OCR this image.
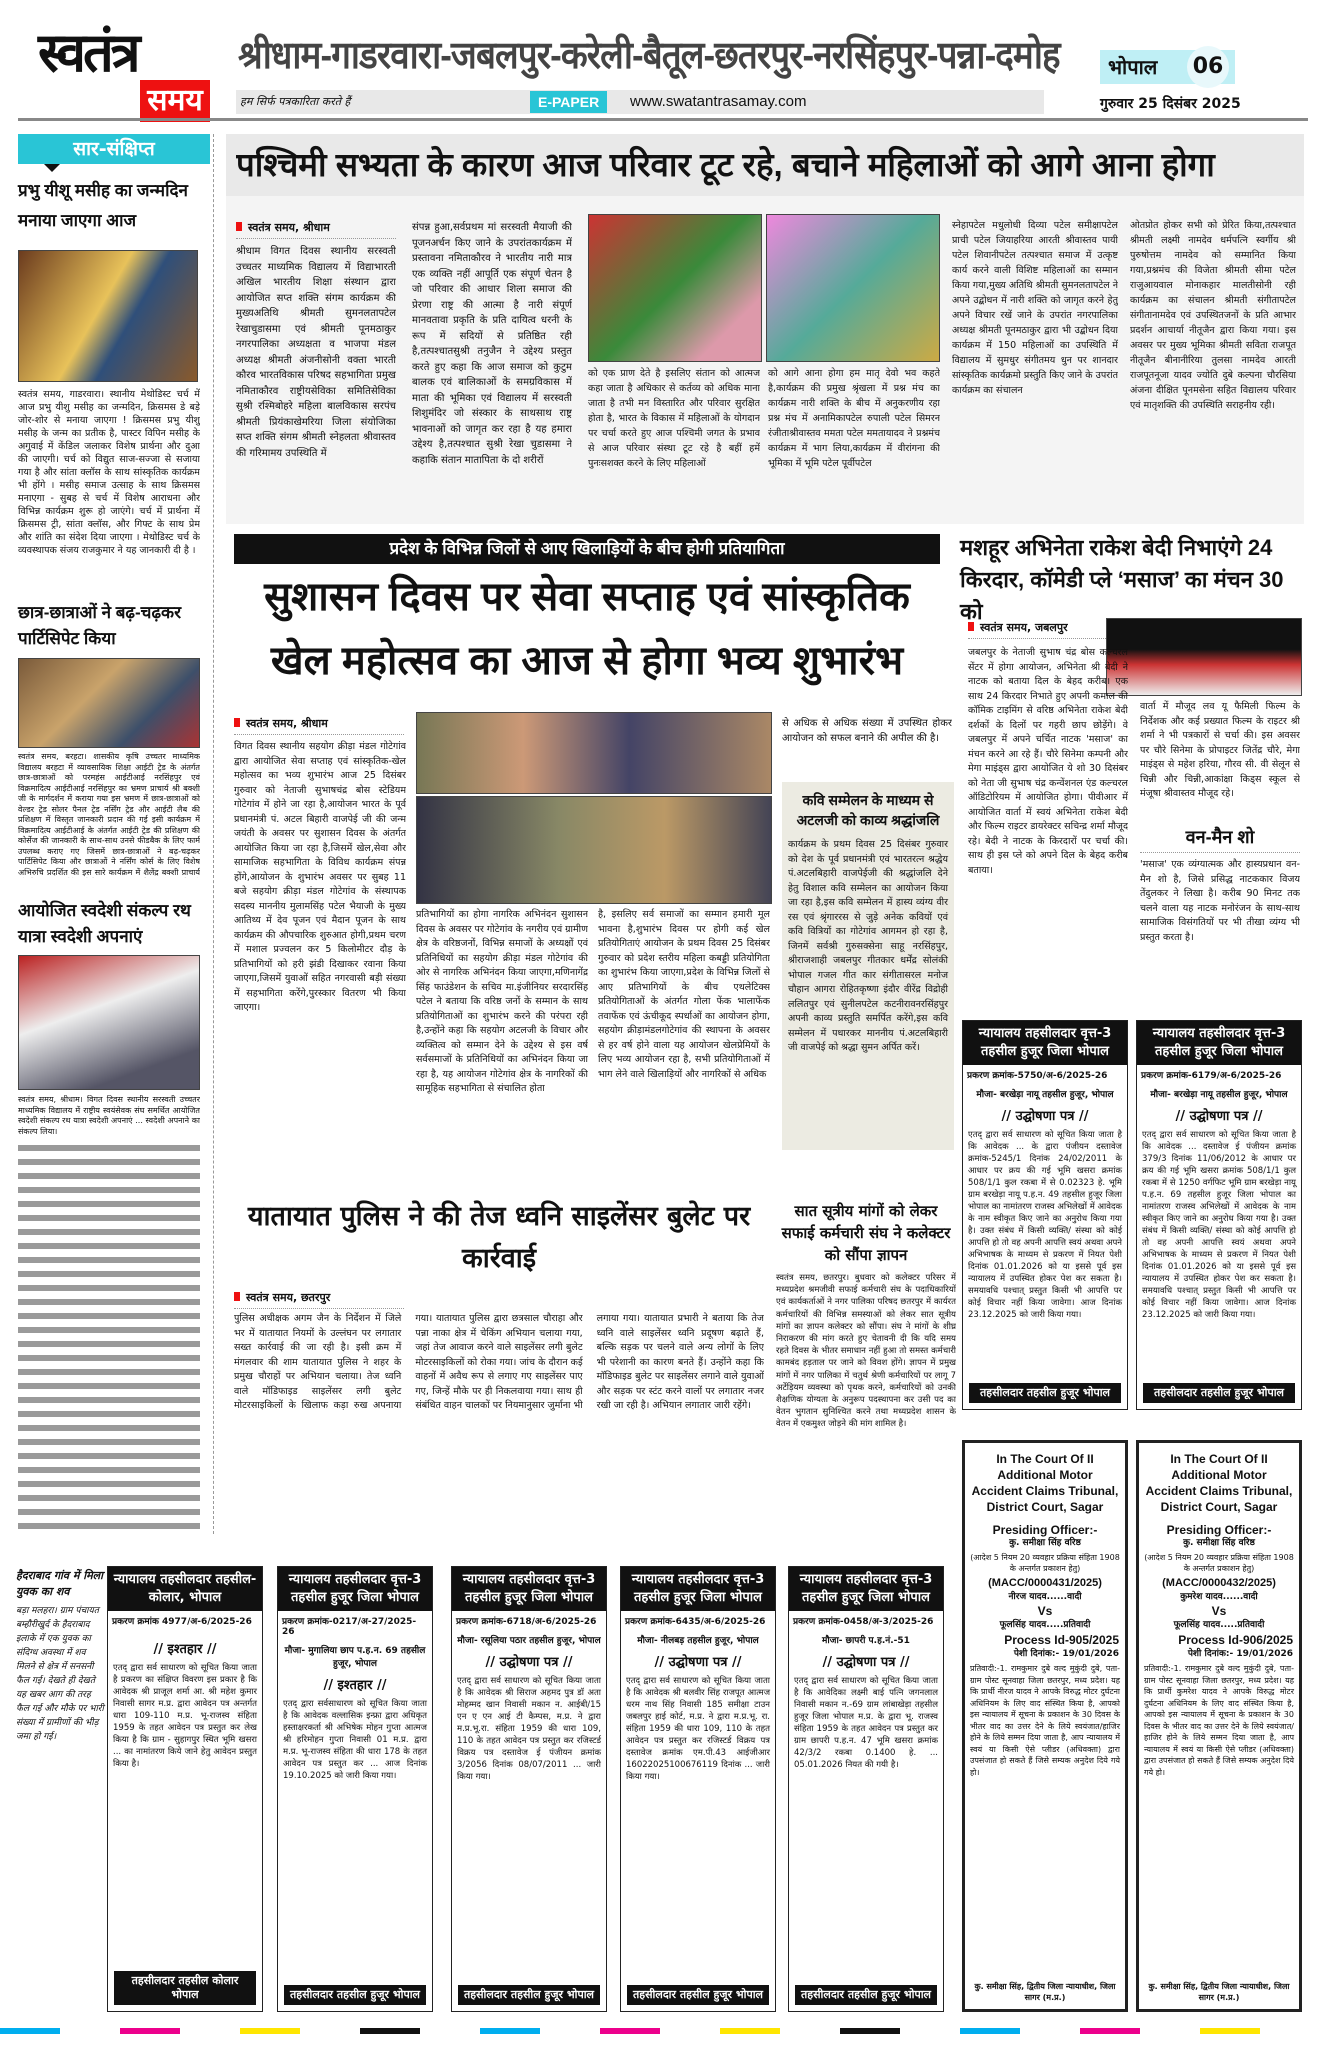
स्वतंत्र
समय
श्रीधाम-गाडरवारा-जबलपुर-करेली-बैतूल-छतरपुर-नरसिंहपुर-पन्ना-दमोह	भोपाल 06
हम सिर्फ पत्रकारिता करते हैं	E-PAPER	www.swatantrasamay.com	गुरुवार 25 दिसंबर 2025
सार-संक्षिप्त
प्रभु यीशू मसीह का जन्मदिन मनाया जाएगा आज
स्वतंत्र समय, गाडरवारा। स्थानीय मेथोडिस्ट चर्च में आज प्रभु यीशु मसीह का जन्मदिन, क्रिसमस डे बड़े जोर-शोर से मनाया जाएगा ! क्रिसमस प्रभु यीशु मसीह के जन्म का प्रतीक है, पास्टर विपिन मसीह के अगुवाई में केंडिल जलाकर विशेष प्रार्थना और दुआ की जाएगी। चर्च को विद्युत साज-सज्जा से सजाया गया है और सांता क्लॉस के साथ सांस्कृतिक कार्यक्रम भी होंगे । मसीह समाज उत्साह के साथ क्रिसमस मनाएगा - सुबह से चर्च में विशेष आराधना और विभिन्न कार्यक्रम शुरू हो जाएंगे। चर्च में प्रार्थना में क्रिसमस ट्री, सांता क्लॉस, और गिफ्ट के साथ प्रेम और शांति का संदेश दिया जाएगा । मेथोडिस्ट चर्च के व्यवस्थापक संजय राजकुमार ने यह जानकारी दी है ।
छात्र-छात्राओं ने बढ़-चढ़कर पार्टिसिपेट किया
स्वतंत्र समय, बरहटा। शासकीय कृषि उच्चतर माध्यमिक विद्यालय बरहटा में व्यावसायिक शिक्षा आईटी ट्रेड के अंतर्गत छात्र-छात्राओं को परमहंस आईटीआई नरसिंहपुर एवं विक्रमादित्य आईटीआई नरसिंहपुर का भ्रमण प्राचार्य श्री बक्शी जी के मार्गदर्शन में कराया गया इस भ्रमण में छात्र-छात्राओं को वेल्डर ट्रेड सोलर पैनल ट्रेड नर्सिंग ट्रेड और आईटी लैब की प्रशिक्षण में विस्तृत जानकारी प्रदान की गई इसी कार्यक्रम में विक्रमादित्य आईटीआई के अंतर्गत आईटी ट्रेड की प्रशिक्षण की कोर्सेज की जानकारी के साथ-साथ उनसे फीडबैक के लिए फार्म उपलब्ध कराए गए जिसमें छात्र-छात्राओं ने बढ़-चढ़कर पार्टिसिपेट किया और छात्राओं ने नर्सिंग कोर्स के लिए विशेष अभिरुचि प्रदर्शित की इस सारे कार्यक्रम में शैलेंद्र बक्शी प्राचार्य
आयोजित स्वदेशी संकल्प रथ यात्रा स्वदेशी अपनाएं
स्वतंत्र समय, श्रीधाम। विगत दिवस स्थानीय सरस्वती उच्चतर माध्यमिक विद्यालय में राष्ट्रीय स्वयंसेवक संघ समर्थित आयोजित स्वदेशी संकल्प रथ यात्रा स्वदेशी अपनाएं ... स्वदेशी अपनाने का संकल्प लिया।
पश्चिमी सभ्यता के कारण आज परिवार टूट रहे, बचाने महिलाओं को आगे आना होगा
स्वतंत्र समय, श्रीधाम
श्रीधाम विगत दिवस स्थानीय सरस्वती उच्चतर माध्यमिक विद्यालय में विद्याभारती अखिल भारतीय शिक्षा संस्थान द्वारा आयोजित सप्त शक्ति संगम कार्यक्रम की मुख्यअतिथि श्रीमती सुमनलतापटेल रेखाचुडासमा एवं श्रीमती पूनमठाकुर नगरपालिका अध्यक्षता व भाजपा मंडल अध्यक्ष श्रीमती अंजनीसोनी वक्ता भारती कौरव भारतविकास परिषद सहभागिता प्रमुख नमिताकौरव राष्ट्रीयसेविका समितिसेविका सुश्री रश्मिबोहरे महिला बालविकास सरपंच श्रीमती प्रियंकाखेमरिया जिला संयोजिका सप्त शक्ति संगम श्रीमती स्नेहलता श्रीवास्तव की गरिमामय उपस्थिति में
संपन्न हुआ,सर्वप्रथम मां सरस्वती मैयाजी की पूजनअर्चन किए जाने के उपरांतकार्यक्रम में प्रस्तावना नमिताकौरव ने भारतीय नारी मात्र एक व्यक्ति नहीं आपूर्ति एक संपूर्ण चेतन है जो परिवार की आधार शिला समाज की प्रेरणा राष्ट्र की आत्मा है नारी संपूर्ण मानवतावा प्रकृति के प्रति दायित्व धरनी के रूप में सदियों से प्रतिष्ठित रही है,तत्पश्चातसुश्री तनुजैन ने उद्देश्य प्रस्तुत करते हुए कहा कि आज समाज को कुटुम बालक एवं बालिकाओं के समग्रविकास में माता की भूमिका एवं विद्यालय में सरस्वती शिशुमंदिर जो संस्कार के साथसाथ राष्ट्र भावनाओं को जागृत कर रहा है यह हमारा उद्देश्य है,तत्पश्चात सुश्री रेखा चुडासमा ने कहाकि संतान मातापिता के दो शरीरों
को एक प्राण देते है इसलिए संतान को आत्मज कहा जाता है अधिकार से कर्तव्य को अधिक माना जाता है तभी मन विस्तारित और परिवार सुरक्षित होता है, भारत के विकास में महिलाओं के योगदान पर चर्चा करते हुए आज पश्चिमी जगत के प्रभाव से आज परिवार संस्था टूट रहे है बहीं हमें पुनःसशक्त करने के लिए महिलाओं
को आगे आना होगा हम मातृ देवो भव कहते है,कार्यक्रम की प्रमुख श्रृंखला में प्रश्न मंच का कार्यक्रम नारी शक्ति के बीच में अनुकरणीय रहा प्रश्न मंच में अनामिकापटेल रुपाली पटेल सिमरन रंजीताश्रीवास्तव ममता पटेल ममतायादव ने प्रश्नमंच कार्यक्रम में भाग लिया,कार्यक्रम में वीरांगना की भूमिका में भूमि पटेल पूर्वीपटेल
स्नेहापटेल मधुलोधी दिव्या पटेल समीक्षापटेल प्राची पटेल जियाहरिया आरती श्रीवास्तव पायी पटेल शिवानीपटेल तत्पश्चात समाज में उत्कृष्ट कार्य करने वाली विशिष्ट महिलाओं का सम्मान किया गया,मुख्य अतिथि श्रीमती सुमनलतापटेल ने अपने उद्बोधन में नारी शक्ति को जागृत करने हेतु अपने विचार रखें जाने के उपरांत नगरपालिका अध्यक्ष श्रीमती पूनमठाकुर द्वारा भी उद्बोधन दिया कार्यक्रम में 150 महिलाओं का उपस्थिति में विद्यालय में सुमधुर संगीतमय धुन पर शानदार सांस्कृतिक कार्यक्रमो प्रस्तुति किए जाने के उपरांत कार्यक्रम का संचालन
ओतप्रोत होकर सभी को प्रेरित किया,तत्पश्चात श्रीमती लक्ष्मी नामदेव धर्मपत्नि स्वर्गीय श्री पुरुषोत्तम नामदेव को सम्मानित किया गया,प्रश्नमंच की विजेता श्रीमती सीमा पटेल राजुआयवाल मोनाकहार मालतीसोनी रही कार्यक्रम का संचालन श्रीमती संगीतापटेल संगीतानामदेव एवं उपस्थितजनों के प्रति आभार प्रदर्शन आचार्या नीतूजैन द्वारा किया गया। इस अवसर पर मुख्य भूमिका श्रीमती सविता राजपूत नीतूजैन बीनानीरिया तुलसा नामदेव आरती राजपूतनूजा यादव ज्योति दुबे कल्पना चौरसिया अंजना दीक्षित पूनमसेना सहित विद्यालय परिवार एवं मातृशक्ति की उपस्थिति सराहनीय रही।
प्रदेश के विभिन्न जिलों से आए खिलाड़ियों के बीच होगी प्रतियागिता
सुशासन दिवस पर सेवा सप्ताह एवं सांस्कृतिक
खेल महोत्सव का आज से होगा भव्य शुभारंभ
स्वतंत्र समय, श्रीधाम
विगत दिवस स्थानीय सहयोग क्रीड़ा मंडल गोटेगांव द्वारा आयोजित सेवा सप्ताह एवं सांस्कृतिक-खेल महोत्सव का भव्य शुभारंभ आज 25 दिसंबर गुरुवार को नेताजी सुभाषचंद्र बोस स्टेडियम गोटेगांव में होने जा रहा है,आयोजन भारत के पूर्व प्रधानमंत्री पं. अटल बिहारी वाजपेई जी की जन्म जयंती के अवसर पर सुशासन दिवस के अंतर्गत आयोजित किया जा रहा है,जिसमें खेल,सेवा और सामाजिक सहभागिता के विविध कार्यक्रम संपन्न होंगे,आयोजन के शुभारंभ अवसर पर सुबह 11 बजे सहयोग क्रीड़ा मंडल गोटेगांव के संस्थापक सदस्य माननीय मुलामसिंह पटेल भैयाजी के मुख्य आतिथ्य में देव पूजन एवं मैदान पूजन के साथ कार्यक्रम की औपचारिक शुरुआत होगी,प्रथम चरण में मशाल प्रज्वलन कर 5 किलोमीटर दौड़ के प्रतिभागियों को हरी झंडी दिखाकर रवाना किया जाएगा,जिसमें युवाओं सहित नगरवासी बड़ी संख्या में सहभागिता करेंगे,पुरस्कार वितरण भी किया जाएगा।
प्रतिभागियों का होगा नागरिक अभिनंदन सुशासन दिवस के अवसर पर गोटेगांव के नगरीय एवं ग्रामीण क्षेत्र के वरिष्ठजनों, विभिन्न समाजों के अध्यक्षों एवं प्रतिनिधियों का सहयोग क्रीड़ा मंडल गोटेगांव की ओर से नागरिक अभिनंदन किया जाएगा,मणिनागेंद्र सिंह फाउंडेशन के सचिव मा.इंजीनियर सरदारसिंह पटेल ने बताया कि वरिष्ठ जनों के सम्मान के साथ प्रतियोगिताओं का शुभारंभ करने की परंपरा रही है,उन्होंने कहा कि सहयोग अटलजी के विचार और व्यक्तित्व को सम्मान देने के उद्देश्य से इस वर्ष सर्वसमाजों के प्रतिनिधियों का अभिनंदन किया जा रहा है, यह आयोजन गोटेगांव क्षेत्र के नागरिकों की सामूहिक सहभागिता से संचालित होता
है, इसलिए सर्व समाजों का सम्मान हमारी मूल भावना है,शुभारंभ दिवस पर होगी कई खेल प्रतियोगिताएं आयोजन के प्रथम दिवस 25 दिसंबर गुरुवार को प्रदेश स्तरीय महिला कबड्डी प्रतियोगिता का शुभारंभ किया जाएगा,प्रदेश के विभिन्न जिलों से आए प्रतिभागियों के बीच एथलेटिक्स प्रतियोगिताओं के अंतर्गत गोला फेंक भालाफेंक तवाफेंक एवं ऊंचीकूद स्पर्धाओं का आयोजन होगा, सहयोग क्रीड़ामंडलगोटेगांव की स्थापना के अवसर से हर वर्ष होने वाला यह आयोजन खेलप्रेमियों के लिए भव्य आयोजन रहा है, सभी प्रतियोगिताओं में भाग लेने वाले खिलाड़ियों और नागरिकों से अधिक
से अधिक से अधिक संख्या में उपस्थित होकर आयोजन को सफल बनाने की अपील की है।
कवि सम्मेलन के माध्यम से अटलजी को काव्य श्रद्धांजलि
कार्यक्रम के प्रथम दिवस 25 दिसंबर गुरुवार को देश के पूर्व प्रधानमंत्री एवं भारतरत्न श्रद्धेय पं.अटलबिहारी वाजपेईजी की श्रद्धांजलि देने हेतु विशाल कवि सम्मेलन का आयोजन किया जा रहा है,इस कवि सम्मेलन में हास्य व्यंग्य वीर रस एवं श्रृंगाररस से जुड़े अनेक कवियों एवं कवि वित्रियों का गोटेगांव आगमन हो रहा है, जिनमें सर्वश्री गुरुसक्सेना साहू नरसिंहपुर, श्रीराजशाही जबलपुर गीतकार धर्मेंद्र सोलंकी भोपाल गजल गीत कार संगीतासरल मनोज चौहान आगरा रोहितकृष्णा इंदौर वीरेंद्र विद्रोही ललितपुर एवं सुनीलपटेल कटनीरावनरसिंहपुर अपनी काव्य प्रस्तुति समर्पित करेंगे,इस कवि सम्मेलन में पधारकर माननीय पं.अटलबिहारी जी वाजपेई को श्रद्धा सुमन अर्पित करें।
मशहूर अभिनेता राकेश बेदी निभाएंगे 24 किरदार, कॉमेडी प्ले ‘मसाज’ का मंचन 30 को
स्वतंत्र समय, जबलपुर
जबलपुर के नेताजी सुभाष चंद्र बोस कल्चरल सेंटर में होगा आयोजन, अभिनेता श्री बेदी ने नाटक को बताया दिल के बेहद करीब। एक साथ 24 किरदार निभाते हुए अपनी कमाल की कॉमिक टाइमिंग से वरिष्ठ अभिनेता राकेश बेदी दर्शकों के दिलों पर गहरी छाप छोड़ेंगे। वे जबलपुर में अपने चर्चित नाटक 'मसाज' का मंचन करने आ रहे हैं। चौरे सिनेमा कम्पनी और मेगा माइंड्स द्वारा आयोजित ये शो 30 दिसंबर को नेता जी सुभाष चंद्र कन्वेंशनल एंड कल्चरल ऑडिटोरियम में आयोजित होगा। पीवीआर में आयोजित वार्ता में स्वयं अभिनेता राकेश बेदी और फिल्म राइटर डायरेक्टर सचिन्द्र शर्मा मौजूद रहे। बेदी ने नाटक के किरदारों पर चर्चा की। साथ ही इस प्ले को अपने दिल के बेहद करीब बताया।
वार्ता में मौजूद लव यू फैमिली फिल्म के निर्देशक और कई प्रख्यात फिल्म के राइटर श्री शर्मा ने भी पत्रकारों से चर्चा की। इस अवसर पर चौरे सिनेमा के प्रोपाइटर जितेंद्र चौरे, मेगा माइंड्स से महेश हरिया, गौरव सी. वी सेलून से चिन्नी और चिन्नी,आकांक्षा किड्स स्कूल से मंजूषा श्रीवास्तव मौजूद रहे।
वन-मैन शो
'मसाज' एक व्यंग्यात्मक और हास्यप्रधान वन-मैन शो है, जिसे प्रसिद्ध नाटककार विजय तेंदुलकर ने लिखा है। करीब 90 मिनट तक चलने वाला यह नाटक मनोरंजन के साथ-साथ सामाजिक विसंगतियों पर भी तीखा व्यंग्य भी प्रस्तुत करता है।
न्यायालय तहसीलदार वृत्त-3 तहसील हुजूर जिला भोपाल
प्रकरण क्रमांक-5750/अ-6/2025-26
मौजा- बरखेड़ा नायू तहसील हुजूर, भोपाल
// उद्घोषणा पत्र //
एतद् द्वारा सर्व साधारण को सूचित किया जाता है कि आवेदक ... के द्वारा पंजीयन दस्तावेज क्रमांक-5245/1 दिनांक 24/02/2011 के आधार पर क्रय की गई भूमि खसरा क्रमांक 508/1/1 कुल रकबा में से 0.02323 हे. भूमि ग्राम बरखेड़ा नायू प.ह.न. 49 तहसील हुजूर जिला भोपाल का नामांतरण राजस्व अभिलेखों में आवेदक के नाम स्वीकृत किए जाने का अनुरोध किया गया है। उक्त संबंध में किसी व्यक्ति/ संस्था को कोई आपत्ति हो तो वह अपनी आपत्ति स्वयं अथवा अपने अभिभाषक के माध्यम से प्रकरण में नियत पेशी दिनांक 01.01.2026 को या इससे पूर्व इस न्यायालय में उपस्थित होकर पेश कर सकता है। समयावधि पश्चात् प्रस्तुत किसी भी आपत्ति पर कोई विचार नहीं किया जावेगा। आज दिनांक 23.12.2025 को जारी किया गया।
तहसीलदार तहसील हुजूर भोपाल
न्यायालय तहसीलदार वृत्त-3 तहसील हुजूर जिला भोपाल
प्रकरण क्रमांक-6179/अ-6/2025-26
मौजा- बरखेड़ा नायू तहसील हुजूर, भोपाल
// उद्घोषणा पत्र //
एतद् द्वारा सर्व साधारण को सूचित किया जाता है कि आवेदक ... दस्तावेज ई पंजीयन क्रमांक 379/3 दिनांक 11/06/2012 के आधार पर क्रय की गई भूमि खसरा क्रमांक 508/1/1 कुल रकबा में से 1250 वर्गफिट भूमि ग्राम बरखेड़ा नायू प.ह.न. 69 तहसील हुजूर जिला भोपाल का नामांतरण राजस्व अभिलेखों में आवेदक के नाम स्वीकृत किए जाने का अनुरोध किया गया है। उक्त संबंध में किसी व्यक्ति/ संस्था को कोई आपत्ति हो तो वह अपनी आपत्ति स्वयं अथवा अपने अभिभाषक के माध्यम से प्रकरण में नियत पेशी दिनांक 01.01.2026 को या इससे पूर्व इस न्यायालय में उपस्थित होकर पेश कर सकता है। समयावधि पश्चात् प्रस्तुत किसी भी आपत्ति पर कोई विचार नहीं किया जावेगा। आज दिनांक 23.12.2025 को जारी किया गया।
तहसीलदार तहसील हुजूर भोपाल
यातायात पुलिस ने की तेज ध्वनि साइलेंसर बुलेट पर कार्रवाई
स्वतंत्र समय, छतरपुर
पुलिस अधीक्षक अगम जैन के निर्देशन में जिले भर में यातायात नियमों के उल्लंघन पर लगातार सख्त कार्रवाई की जा रही है। इसी क्रम में मंगलवार की शाम यातायात पुलिस ने शहर के प्रमुख चौराहों पर अभियान चलाया। तेज ध्वनि वाले मॉडिफाइड साइलेंसर लगी बुलेट मोटरसाइकिलों के खिलाफ कड़ा रुख अपनाया गया। यातायात पुलिस द्वारा छत्रसाल चौराहा और पन्ना नाका क्षेत्र में चेकिंग अभियान चलाया गया, जहां तेज आवाज करने वाले साइलेंसर लगी बुलेट मोटरसाइकिलों को रोका गया। जांच के दौरान कई वाहनों में अवैध रूप से लगाए गए साइलेंसर पाए गए, जिन्हें मौके पर ही निकलवाया गया। साथ ही संबंधित वाहन चालकों पर नियमानुसार जुर्माना भी लगाया गया। यातायात प्रभारी ने बताया कि तेज ध्वनि वाले साइलेंसर ध्वनि प्रदूषण बढ़ाते हैं, बल्कि सड़क पर चलने वाले अन्य लोगों के लिए भी परेशानी का कारण बनते हैं। उन्होंने कहा कि मॉडिफाइड बुलेट पर साइलेंसर लगाने वाले युवाओं और सड़क पर स्टंट करने वालों पर लगातार नजर रखी जा रही है। अभियान लगातार जारी रहेंगे।
सात सूत्रीय मांगों को लेकर सफाई कर्मचारी संघ ने कलेक्टर को सौंपा ज्ञापन
स्वतंत्र समय, छतरपुर। बुधवार को कलेक्टर परिसर में मध्यप्रदेश श्रमजीवी सफाई कर्मचारी संघ के पदाधिकारियों एवं कार्यकर्ताओं ने नगर पालिका परिषद छतरपुर में कार्यरत कर्मचारियों की विभिन्न समस्याओं को लेकर सात सूत्रीय मांगों का ज्ञापन कलेक्टर को सौंपा। संघ ने मांगों के शीघ्र निराकरण की मांग करते हुए चेतावनी दी कि यदि समय रहते दिवस के भीतर समाधान नहीं हुआ तो समस्त कर्मचारी कामबंद हड़ताल पर जाने को विवश होंगे। ज्ञापन में प्रमुख मांगों में नगर पालिका में चतुर्थ श्रेणी कर्मचारियों पर लागू 7 अर्टेड़ियम व्यवस्था को पृथक करने, कर्मचारियों को उनकी शैक्षणिक योग्यता के अनुरूप पदस्थापना कर उसी पद का वेतन भुगतान सुनिश्चित करने तथा मध्यप्रदेश शासन के वेतन में एकमुश्त जोड़ने की मांग शामिल है।
हैदराबाद गांव में मिला युवक का शव
बड़ा मलहरा। ग्राम पंचायत बम्हौरीखुर्द के हैदराबाद इलाके में एक युवक का संदिग्ध अवस्था में शव मिलने से क्षेत्र में सनसनी फैल गई। देखते ही देखते यह खबर आग की तरह फैल गई और मौके पर भारी संख्या में ग्रामीणों की भीड़ जमा हो गई।
न्यायालय तहसीलदार तहसील-कोलार, भोपाल
प्रकरण क्रमांक 4977/अ-6/2025-26
// इश्तहार //
एतद् द्वारा सर्व साधारण को सूचित किया जाता है प्रकरण का संक्षिप्त विवरण इस प्रकार है कि आवेदक श्री प्राजूल शर्मा आ. श्री महेश कुमार निवासी सागर म.प्र. द्वारा आवेदन पत्र अन्तर्गत धारा 109-110 म.प्र. भू-राजस्व संहिता 1959 के तहत आवेदन पत्र प्रस्तुत कर लेख किया है कि ग्राम - सुहागपुर स्थित भूमि खसरा ... का नामांतरण किये जाने हेतु आवेदन प्रस्तुत किया है।
तहसीलदार तहसील कोलार भोपाल
न्यायालय तहसीलदार वृत्त-3 तहसील हुजूर जिला भोपाल
प्रकरण क्रमांक-0217/अ-27/2025-26
मौजा- मुगालिया छाप प.ह.न. 69 तहसील हुजूर, भोपाल
// इश्तहार //
एतद् द्वारा सर्वसाधारण को सूचित किया जाता है कि आवेदक वल्लासिक इन्फ्रा द्वारा अधिकृत हस्ताक्षरकर्ता श्री अभिषेक मोहन गुप्ता आत्मज श्री हरिमोहन गुप्ता निवासी 01 म.प्र. द्वारा म.प्र. भू-राजस्व संहिता की धारा 178 के तहत आवेदन पत्र प्रस्तुत कर ... आज दिनांक 19.10.2025 को जारी किया गया।
तहसीलदार तहसील हुजूर भोपाल
न्यायालय तहसीलदार वृत्त-3 तहसील हुजूर जिला भोपाल
प्रकरण क्रमांक-6718/अ-6/2025-26
मौजा- रसूलिया पठार तहसील हुजूर, भोपाल
// उद्घोषणा पत्र //
एतद् द्वारा सर्व साधारण को सूचित किया जाता है कि आवेदक श्री सिराज अहमद पुत्र डॉ अता मोहम्मद खान निवासी मकान न. आईबी/15 एन ए एन आई टी कैम्पस, म.प्र. ने द्वारा म.प्र.भू.रा. संहिता 1959 की धारा 109, 110 के तहत आवेदन पत्र प्रस्तुत कर रजिस्टर्ड विक्रय पत्र दस्तावेज ई पंजीयन क्रमांक 3/2056 दिनांक 08/07/2011 ... जारी किया गया।
तहसीलदार तहसील हुजूर भोपाल
न्यायालय तहसीलदार वृत्त-3 तहसील हुजूर जिला भोपाल
प्रकरण क्रमांक-6435/अ-6/2025-26
मौजा- नीलबड़ तहसील हुजूर, भोपाल
// उद्घोषणा पत्र //
एतद् द्वारा सर्व साधारण को सूचित किया जाता है कि आवेदक श्री बलवीर सिंह राजपूत आत्मज धरम नाथ सिंह निवासी 185 समीक्षा टाउन जबलपुर हाई कोर्ट, म.प्र. ने द्वारा म.प्र.भू. रा. संहिता 1959 की धारा 109, 110 के तहत आवेदन पत्र प्रस्तुत कर रजिस्टर्ड विक्रय पत्र दस्तावेज क्रमांक एम.पी.43 आईजीआर 16022025100676119 दिनांक ... जारी किया गया।
तहसीलदार तहसील हुजूर भोपाल
न्यायालय तहसीलदार वृत्त-3 तहसील हुजूर जिला भोपाल
प्रकरण क्रमांक-0458/अ-3/2025-26
मौजा- छापरी प.ह.नं.-51
// उद्घोषणा पत्र //
एतद् द्वारा सर्व साधारण को सूचित किया जाता है कि आवेदिका लक्ष्मी बाई पत्नि जगनलाल निवासी मकान न.-69 ग्राम लांबाखेड़ा तहसील हुजूर जिला भोपाल म.प्र. के द्वारा भू. राजस्व संहिता 1959 के तहत आवेदन पत्र प्रस्तुत कर ग्राम छापरी प.ह.न. 47 भूमि खसरा क्रमांक 42/3/2 रकबा 0.1400 हे. ... 05.01.2026 नियत की गयी है।
तहसीलदार तहसील हुजूर भोपाल
In The Court Of II Additional Motor Accident Claims Tribunal, District Court, Sagar
Presiding Officer:-
कु. समीक्षा सिंह वरिष्ठ
(आदेश 5 नियम 20 व्यवहार प्रक्रिया संहिता 1908 के अन्तर्गत प्रकाशन हेतु)
(MACC/0000431/2025)
नीरज यादव......वादी
Vs
फूलसिंह यादव.....प्रतिवादी
Process Id-905/2025
पेशी दिनांक:- 19/01/2026
प्रतिवादी:-1. रामकुमार दुबे वल्द मुकुंदी दुबे, पता-ग्राम पोस्ट सूनवाहा जिला छतरपुर, मध्य प्रदेश। यह कि प्रार्थी नीरज यादव ने आपके विरुद्ध मोटर दुर्घटना अधिनियम के लिए वाद संस्थित किया है, आपको इस न्यायालय में सूचना के प्रकाशन के 30 दिवस के भीतर वाद का उत्तर देने के लिये स्वयंजात/हाजिर होने के लिये सम्मन दिया जाता है, आप न्यायालय में स्वयं या किसी ऐसे प्लीडर (अधिवक्ता) द्वारा उपसंजात हो सकते हैं जिसे सम्यक अनुदेश दिये गये हो।
कु. समीक्षा सिंह, द्वितीय जिला न्यायाधीश, जिला सागर (म.प्र.)
In The Court Of II Additional Motor Accident Claims Tribunal, District Court, Sagar
Presiding Officer:-
कु. समीक्षा सिंह वरिष्ठ
(आदेश 5 नियम 20 व्यवहार प्रक्रिया संहिता 1908 के अन्तर्गत प्रकाशन हेतु)
(MACC/0000432/2025)
कुमरेश यादव......वादी
Vs
फूलसिंह यादव.....प्रतिवादी
Process Id-906/2025
पेशी दिनांक:- 19/01/2026
प्रतिवादी:-1. रामकुमार दुबे वल्द मुकुंदी दुबे, पता-ग्राम पोस्ट सूनवाहा जिला छतरपुर, मध्य प्रदेश। यह कि प्रार्थी कुमरेश यादव ने आपके विरुद्ध मोटर दुर्घटना अधिनियम के लिए वाद संस्थित किया है, आपको इस न्यायालय में सूचना के प्रकाशन के 30 दिवस के भीतर वाद का उत्तर देने के लिये स्वयंजात/हाजिर होने के लिये सम्मन दिया जाता है, आप न्यायालय में स्वयं या किसी ऐसे प्लीडर (अधिवक्ता) द्वारा उपसंजात हो सकते हैं जिसे सम्यक अनुदेश दिये गये हो।
कु. समीक्षा सिंह, द्वितीय जिला न्यायाधीश, जिला सागर (म.प्र.)
